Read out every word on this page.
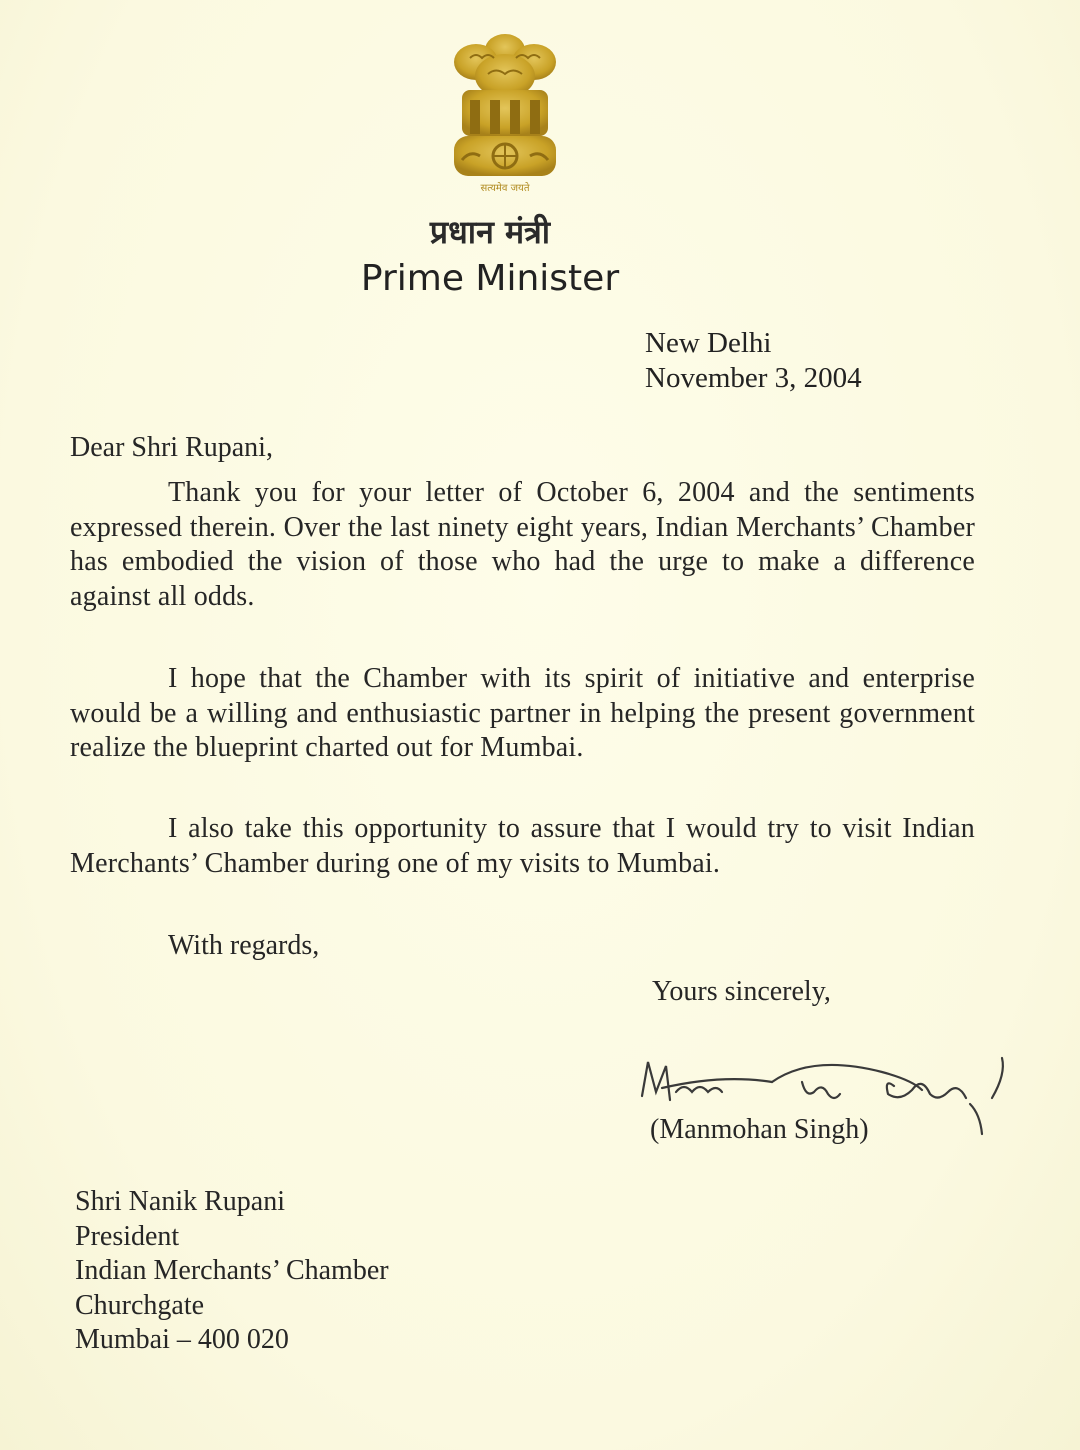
सत्यमेव जयते
प्रधान मंत्री
Prime Minister
New Delhi
November 3, 2004
Dear Shri Rupani,
Thank you for your letter of October 6, 2004 and the sentiments expressed therein. Over the last ninety eight years, Indian Merchants’ Chamber has embodied the vision of those who had the urge to make a difference against all odds.
I hope that the Chamber with its spirit of initiative and enterprise would be a willing and enthusiastic partner in helping the present government realize the blueprint charted out for Mumbai.
I also take this opportunity to assure that I would try to visit Indian Merchants’ Chamber during one of my visits to Mumbai.
With regards,
Yours sincerely,
(Manmohan Singh)
Shri Nanik Rupani
President
Indian Merchants’ Chamber
Churchgate
Mumbai – 400 020
